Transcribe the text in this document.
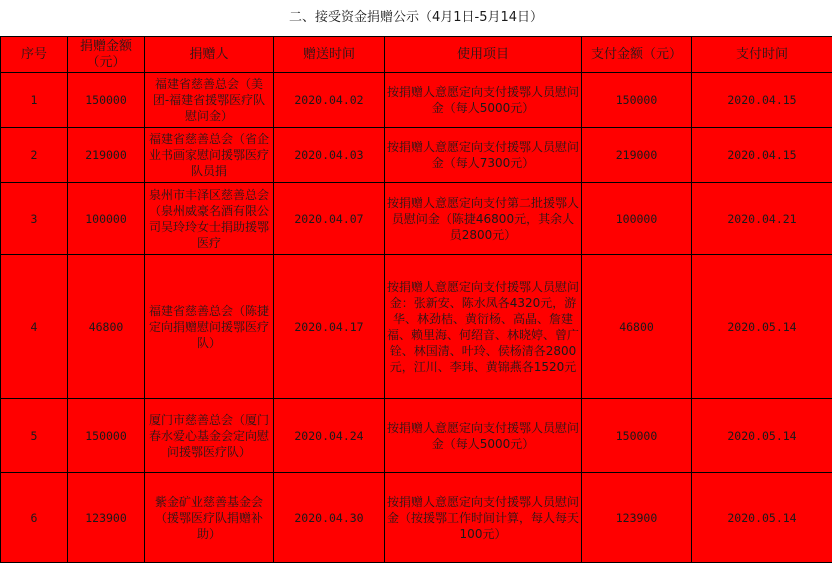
二、接受资金捐赠公示（4月1日-5月14日）
序号	捐赠金额（元）	捐赠人	赠送时间	使用项目	支付金额（元）	支付时间
1	150000	福建省慈善总会（美团-福建省援鄂医疗队慰问金）	2020.04.02	按捐赠人意愿定向支付援鄂人员慰问金（每人5000元）	150000	2020.04.15
2	219000	福建省慈善总会（省企业书画家慰问援鄂医疗队员捐	2020.04.03	按捐赠人意愿定向支付援鄂人员慰问金（每人7300元）	219000	2020.04.15
3	100000	泉州市丰泽区慈善总会（泉州威豪名酒有限公司吴玲玲女士捐助援鄂医疗	2020.04.07	按捐赠人意愿定向支付第二批援鄂人员慰问金（陈捷46800元，其余人员2800元）	100000	2020.04.21
4	46800	福建省慈善总会（陈捷定向捐赠慰问援鄂医疗队）	2020.04.17	按捐赠人意愿定向支付援鄂人员慰问金：张新安、陈水凤各4320元，游华、林劲桔、黄衍杨、高晶、詹建福、赖里海、何绍音、林晓婷、曾广铨、林国清、叶玲、侯杨清各2800元，江川、李玮、黄锦燕各1520元	46800	2020.05.14
5	150000	厦门市慈善总会（厦门春水爱心基金会定向慰问援鄂医疗队）	2020.04.24	按捐赠人意愿定向支付援鄂人员慰问金（每人5000元）	150000	2020.05.14
6	123900	紫金矿业慈善基金会（援鄂医疗队捐赠补助）	2020.04.30	按捐赠人意愿定向支付援鄂人员慰问金（按援鄂工作时间计算，每人每天100元）	123900	2020.05.14
